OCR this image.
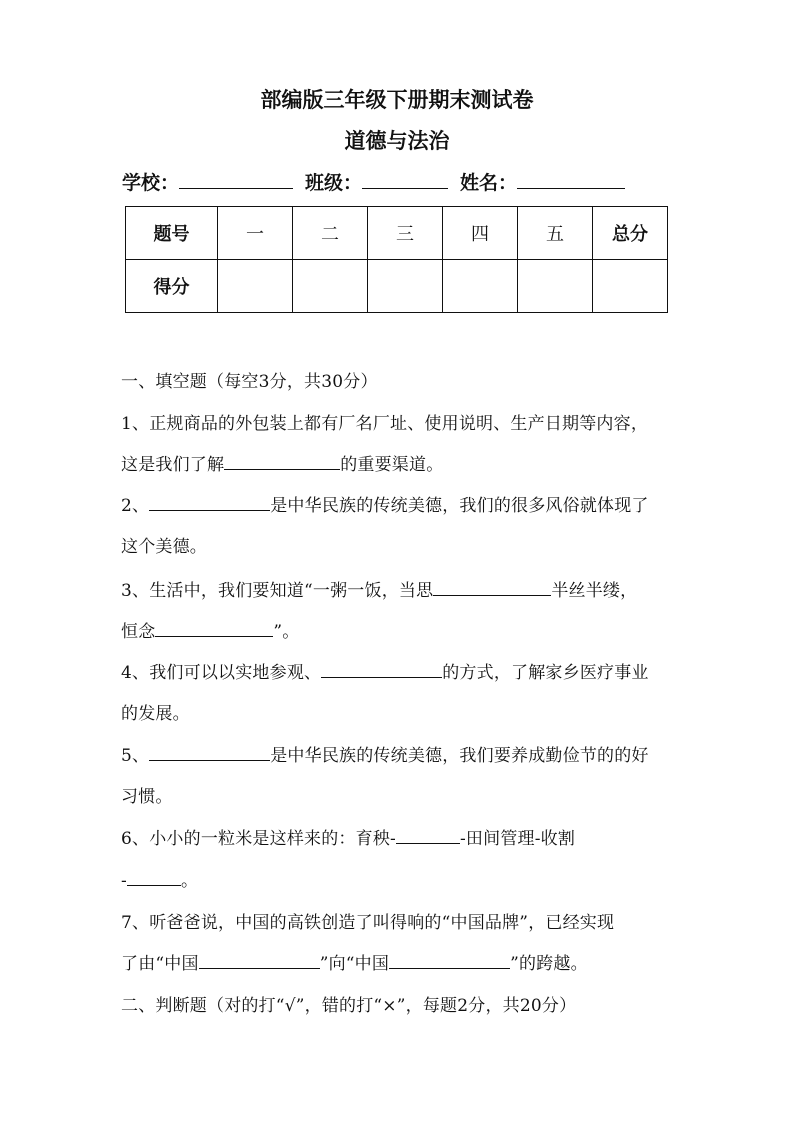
部编版三年级下册期末测试卷
道德与法治
学校：	班级：	姓名：
题号	一	二	三	四	五	总分
得分						
一、填空题（每空3分，共30分）
1、正规商品的外包装上都有厂名厂址、使用说明、生产日期等内容，
这是我们了解	的重要渠道。
2、	是中华民族的传统美德，我们的很多风俗就体现了
这个美德。
3、生活中，我们要知道“一粥一饭，当思	半丝半缕，
恒念	”。
4、我们可以以实地参观、	的方式，了解家乡医疗事业
的发展。
5、	是中华民族的传统美德，我们要养成勤俭节的的好
习惯。
6、小小的一粒米是这样来的：育秧-	-田间管理-收割
-	。
7、听爸爸说，中国的高铁创造了叫得响的“中国品牌”，已经实现
了由“中国	”向“中国	”的跨越。
二、判断题（对的打“√”，错的打“×”，每题2分，共20分）
